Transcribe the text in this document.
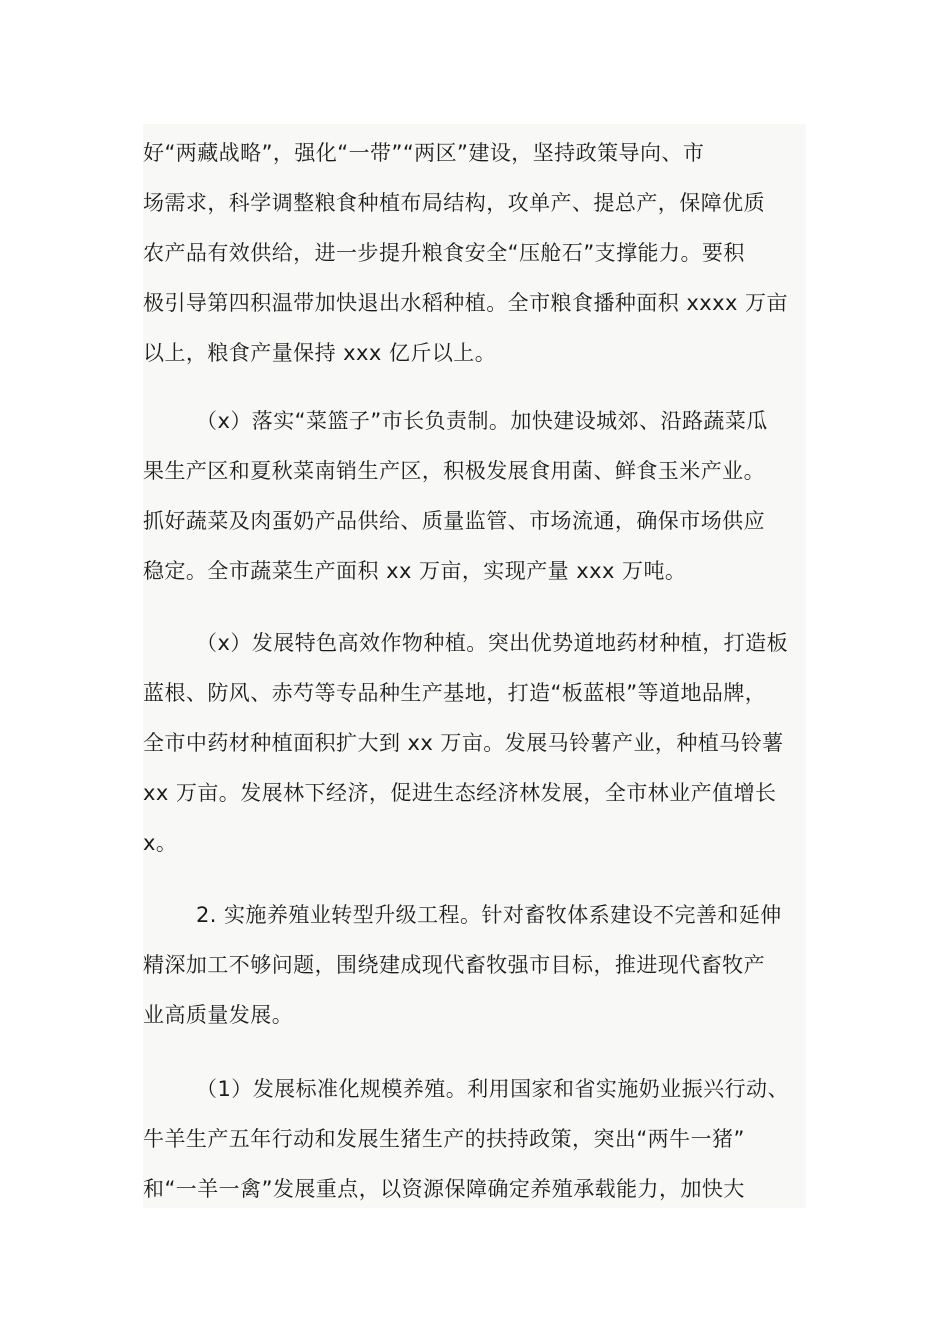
好“两藏战略”，强化“一带”“两区”建设，坚持政策导向、市
场需求，科学调整粮食种植布局结构，攻单产、提总产，保障优质
农产品有效供给，进一步提升粮食安全“压舱石”支撑能力。要积
极引导第四积温带加快退出水稻种植。全市粮食播种面积 xxxx 万亩
以上，粮食产量保持 xxx 亿斤以上。
（x）落实“菜篮子”市长负责制。加快建设城郊、沿路蔬菜瓜
果生产区和夏秋菜南销生产区，积极发展食用菌、鲜食玉米产业。
抓好蔬菜及肉蛋奶产品供给、质量监管、市场流通，确保市场供应
稳定。全市蔬菜生产面积 xx 万亩，实现产量 xxx 万吨。
（x）发展特色高效作物种植。突出优势道地药材种植，打造板
蓝根、防风、赤芍等专品种生产基地，打造“板蓝根”等道地品牌，
全市中药材种植面积扩大到 xx 万亩。发展马铃薯产业，种植马铃薯
xx 万亩。发展林下经济，促进生态经济林发展，全市林业产值增长
x。
2. 实施养殖业转型升级工程。针对畜牧体系建设不完善和延伸
精深加工不够问题，围绕建成现代畜牧强市目标，推进现代畜牧产
业高质量发展。
（1）发展标准化规模养殖。利用国家和省实施奶业振兴行动、
牛羊生产五年行动和发展生猪生产的扶持政策，突出“两牛一猪”
和“一羊一禽”发展重点，以资源保障确定养殖承载能力，加快大
